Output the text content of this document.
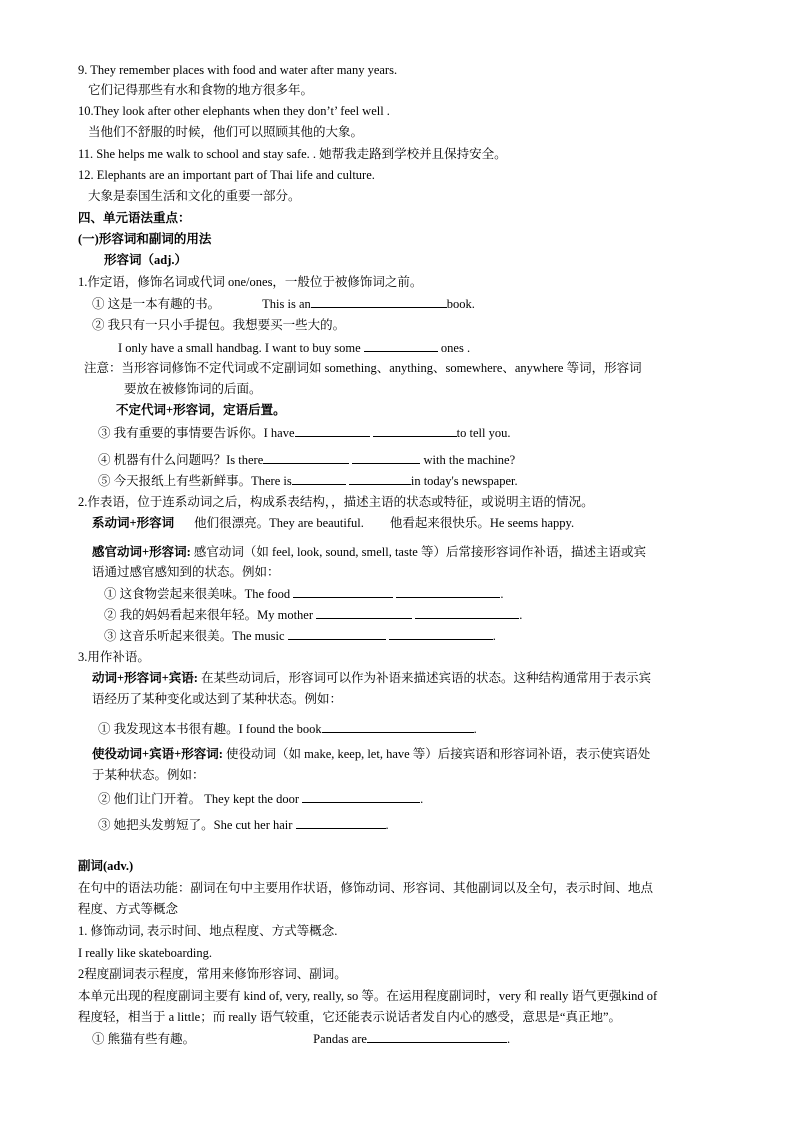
9. They remember places with food and water after many years.
它们记得那些有水和食物的地方很多年。
10.They look after other elephants when they don’t’ feel well .
当他们不舒服的时候，他们可以照顾其他的大象。
11. She helps me walk to school and stay safe. . 她帮我走路到学校并且保持安全。
12. Elephants are an important part of Thai life and culture.
大象是泰国生活和文化的重要一部分。
四、单元语法重点：
(一)形容词和副词的用法
形容词（adj.）
1.作定语，修饰名词或代词 one/ones，一般位于被修饰词之前。
① 这是一本有趣的书。	This is an	book.
② 我只有一只小手提包。我想要买一些大的。
I only have a small handbag. I want to buy some	ones .
注意：当形容词修饰不定代词或不定副词如 something、anything、somewhere、anywhere 等词，形容词
要放在被修饰词的后面。
不定代词+形容词，定语后置。
③ 我有重要的事情要告诉你。I have	to tell you.
④ 机器有什么问题吗？Is there	with the machine?
⑤ 今天报纸上有些新鲜事。There is	in today's newspaper.
2.作表语，位于连系动词之后，构成系表结构，，描述主语的状态或特征，或说明主语的情况。
系动词+形容词 他们很漂亮。They are beautiful. 他看起来很快乐。He seems happy.
感官动词+形容词: 感官动词（如 feel, look, sound, smell, taste 等）后常接形容词作补语，描述主语或宾
语通过感官感知到的状态。例如：
① 这食物尝起来很美味。The food	.
② 我的妈妈看起来很年轻。My mother	.
③ 这音乐听起来很美。The music	.
3.用作补语。
动词+形容词+宾语: 在某些动词后，形容词可以作为补语来描述宾语的状态。这种结构通常用于表示宾
语经历了某种变化或达到了某种状态。例如：
① 我发现这本书很有趣。I found the book	.
使役动词+宾语+形容词: 使役动词（如 make, keep, let, have 等）后接宾语和形容词补语，表示使宾语处
于某种状态。例如：
② 他们让门开着。 They kept the door	.
③ 她把头发剪短了。She cut her hair	.
副词(adv.)
在句中的语法功能：副词在句中主要用作状语，修饰动词、形容词、其他副词以及全句，表示时间、地点
程度、方式等概念
1. 修饰动词, 表示时间、地点程度、方式等概念.
I really like skateboarding.
2程度副词表示程度，常用来修饰形容词、副词。
本单元出现的程度副词主要有 kind of, very, really, so 等。在运用程度副词时，very 和 really 语气更强kind of
程度轻，相当于 a little；而 really 语气较重，它还能表示说话者发自内心的感受，意思是“真正地”。
① 熊猫有些有趣。	Pandas are	.
